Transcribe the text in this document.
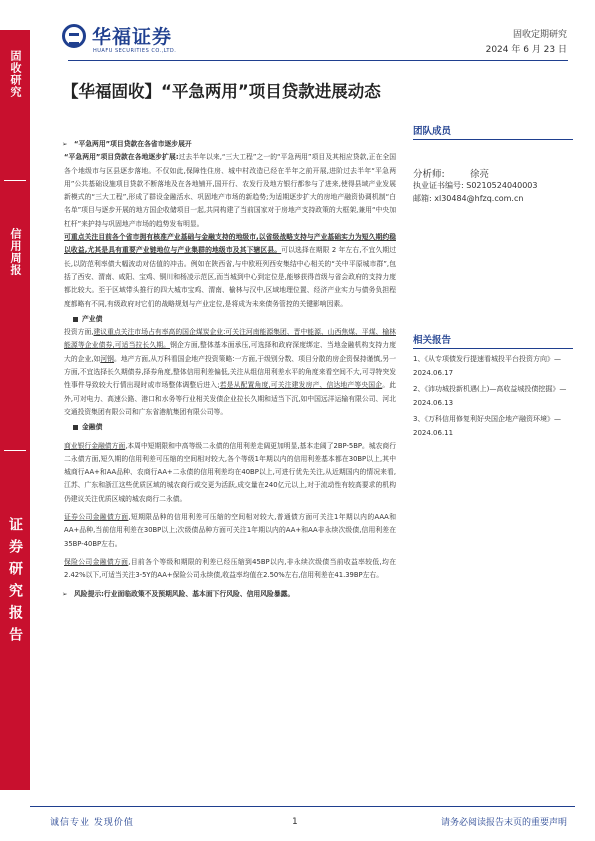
华福证券
HUAFU SECURITIES CO.,LTD.
固收定期研究
2024 年 6 月 23 日
固收研究
信用周报
证券研究报告
【华福固收】“平急两用”项目贷款进展动态
团队成员
分析师:	徐亮
执业证书编号: S0210524040003
邮箱: xl30484@hfzq.com.cn
相关报告
1、《从专项债发行提速看城投平台投资方向》—2024.06.17
2、《沛功城投新机遇(上)—高收益城投债挖掘》—2024.06.13
3、《万科信用修复利好央国企地产融资环境》—2024.06.11

➢ “平急两用”项目贷款在各省市逐步展开

“平急两用”项目贷款在各地逐步扩展:过去半年以来,“三大工程”之一的“平急两用”项目及其相应贷款,正在全国各个地级市与区县逐步落地。不仅如此,保障性住房、城中村改造已经在半年之前开展,进阶过去半年“平急两用”公共基础设施项目贷款不断落地及在各地铺开,国开行、农发行及地方银行都参与了进来,使得县域产业发展新模式的“三大工程”,形成了群设金融活水、巩固地产市场的新趋势;为适期逐步扩大的房地产融资协调机制“白名单”项目与逐步开展的地方国企收储项目一起,共同构建了当前国家对于房地产支持政策的大框架,兼用“中央加杠杆”来护持与巩固地产市场的趋势发布明显。

可重点关注目前各个省市拥有核准产业基础与金融支持的地级市,以省级战略支持与产业基础实力为短久期约稳以收益,尤其是具有重要产业链地位与产业集群的地级市及其下辖区县。可以选择在期限 2 年左右,不宜久期过长,以防范利率债大幅波动对估值的冲击。例如在陕西省,与中欧班列西安集结中心相关的“关中平原城市群”,包括了西安、渭南、咸阳、宝鸡、铜川和杨凌示范区,而当城到中心到定位是,能够获得首级与省会政府的支持力度都比较大。至于区域带头推行的四大城市宝鸡、渭南、榆林与汉中,区域地理位置、经济产业实力与债务负担程度都略有不同,有级政府对它们的战略规划与产业定位,是将成为未来债务管控的关键影响因素。

产业债

投资方面,建议重点关注市场占有率高的国企煤炭企业:可关注河南能源集团、晋中能源、山西焦煤、平煤、榆林能源等企业债券,可适当拉长久期。钢企方面,整体基本面承压,可选择和政府深度绑定、当地金融机构支持力度大的企业,如河钢。地产方面,从万科看国企地产投资策略:一方面,于级别分数、项目分散的房企资保持谨慎,另一方面,不宜选择长久期债券,择券角度,整体信用利差偏低,关注从组信用利差水平的角度来看空间不大,可寻特突发性事件导致较大行情出现时或市场整体调整后进入;若是从配置角度,可关注建发房产、信达地产等央国企。此外,可对电力、高速公路、港口和水务等行业相关发债企业拉长久期和适当下沉,如中国远洋运输有限公司、河北交通投资集团有限公司和广东省港航集团有限公司等。

金融债

商业银行金融债方面,本周中短期限和中高等级二永债的信用利差走阔更加明显,基本走阔了2BP-5BP。城农商行二永债方面,短久期的信用利差可压缩的空间相对较大,各个等级1年期以内的信用利差基本都在30BP以上,其中城商行AA+和AA品种、农商行AA+二永债的信用利差均在40BP以上,可进行优先关注,从近期国内的情况来看,江苏、广东和浙江这些优质区域的城农商行或交更为活跃,成交量在240亿元以上,对于流动性有较高要求的机构仍建议关注优质区城的城农商行二永债。

证券公司金融债方面,短期限品种的信用利差可压缩的空间相对较大,普通债方面可关注1年期以内的AAA和AA+品种,当前信用利差在30BP以上;次级债品种方面可关注1年期以内的AA+和AA非永续次级债,信用利差在35BP-40BP左右。

保险公司金融债方面,目前各个等级和期限的利差已经压缩到45BP以内,非永续次级债当前收益率较低,均在2.42%以下,可适当关注3-5Y的AA+保险公司永续债,收益率均值在2.50%左右,信用利差在41.39BP左右。

➢ 风险提示:行业面临政策不及预期风险、基本面下行风险、信用风险暴露。

诚信专业 发现价值	1	请务必阅读报告末页的重要声明
